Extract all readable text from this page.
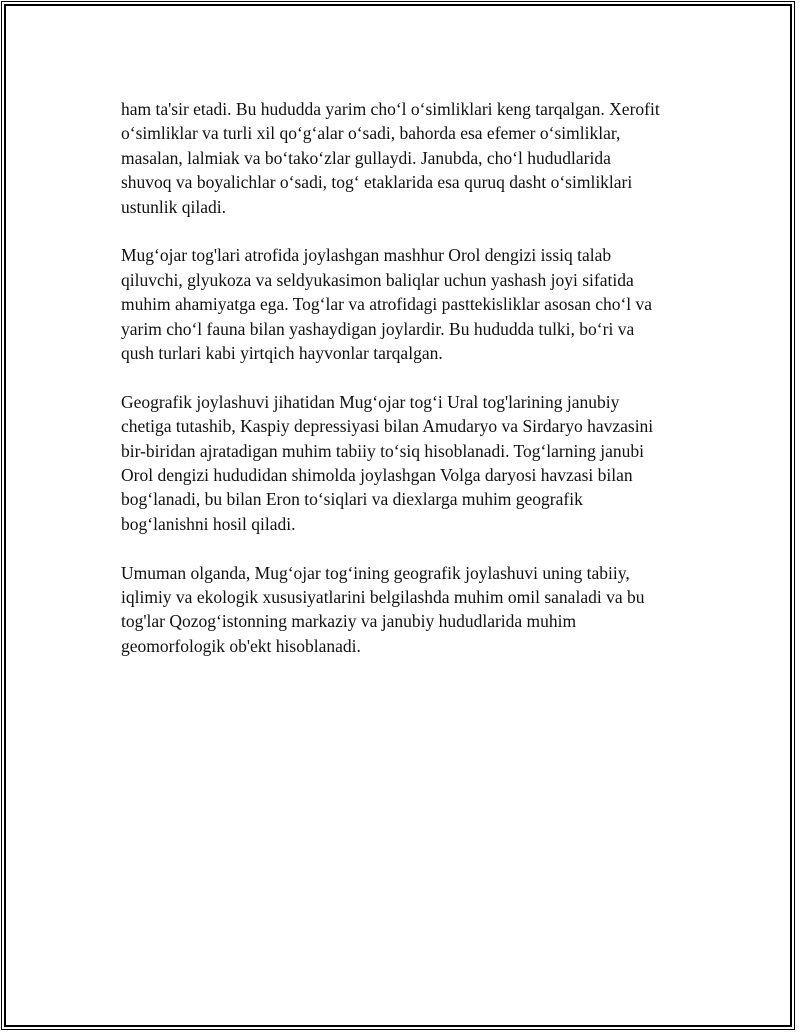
ham ta'sir etadi. Bu hududda yarim cho‘l o‘simliklari keng tarqalgan. Xerofit
o‘simliklar va turli xil qo‘g‘alar o‘sadi, bahorda esa efemer o‘simliklar,
masalan, lalmiak va bo‘tako‘zlar gullaydi. Janubda, cho‘l hududlarida
shuvoq va boyalichlar o‘sadi, tog‘ etaklarida esa quruq dasht o‘simliklari
ustunlik qiladi.

Mug‘ojar tog'lari atrofida joylashgan mashhur Orol dengizi issiq talab
qiluvchi, glyukoza va seldyukasimon baliqlar uchun yashash joyi sifatida
muhim ahamiyatga ega. Tog‘lar va atrofidagi pasttekisliklar asosan cho‘l va
yarim cho‘l fauna bilan yashaydigan joylardir. Bu hududda tulki, bo‘ri va
qush turlari kabi yirtqich hayvonlar tarqalgan.

Geografik joylashuvi jihatidan Mug‘ojar tog‘i Ural tog'larining janubiy
chetiga tutashib, Kaspiy depressiyasi bilan Amudaryo va Sirdaryo havzasini
bir-biridan ajratadigan muhim tabiiy to‘siq hisoblanadi. Tog‘larning janubi
Orol dengizi hududidan shimolda joylashgan Volga daryosi havzasi bilan
bog‘lanadi, bu bilan Eron to‘siqlari va diexlarga muhim geografik
bog‘lanishni hosil qiladi.

Umuman olganda, Mug‘ojar tog‘ining geografik joylashuvi uning tabiiy,
iqlimiy va ekologik xususiyatlarini belgilashda muhim omil sanaladi va bu
tog'lar Qozog‘istonning markaziy va janubiy hududlarida muhim
geomorfologik ob'ekt hisoblanadi.
